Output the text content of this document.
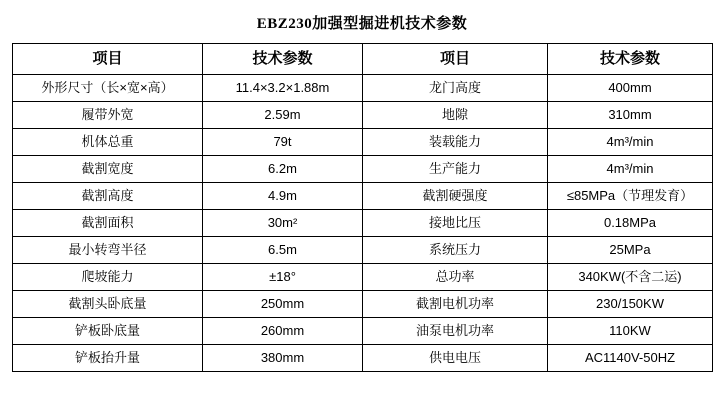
EBZ230加强型掘进机技术参数
项目	技术参数	项目	技术参数
外形尺寸（长×宽×高）	11.4×3.2×1.88m	龙门高度	400mm
履带外宽	2.59m	地隙	310mm
机体总重	79t	装载能力	4m³/min
截割宽度	6.2m	生产能力	4m³/min
截割高度	4.9m	截割硬强度	≤85MPa（节理发育）
截割面积	30m²	接地比压	0.18MPa
最小转弯半径	6.5m	系统压力	25MPa
爬坡能力	±18°	总功率	340KW(不含二运)
截割头卧底量	250mm	截割电机功率	230/150KW
铲板卧底量	260mm	油泵电机功率	110KW
铲板抬升量	380mm	供电电压	AC1140V-50HZ
